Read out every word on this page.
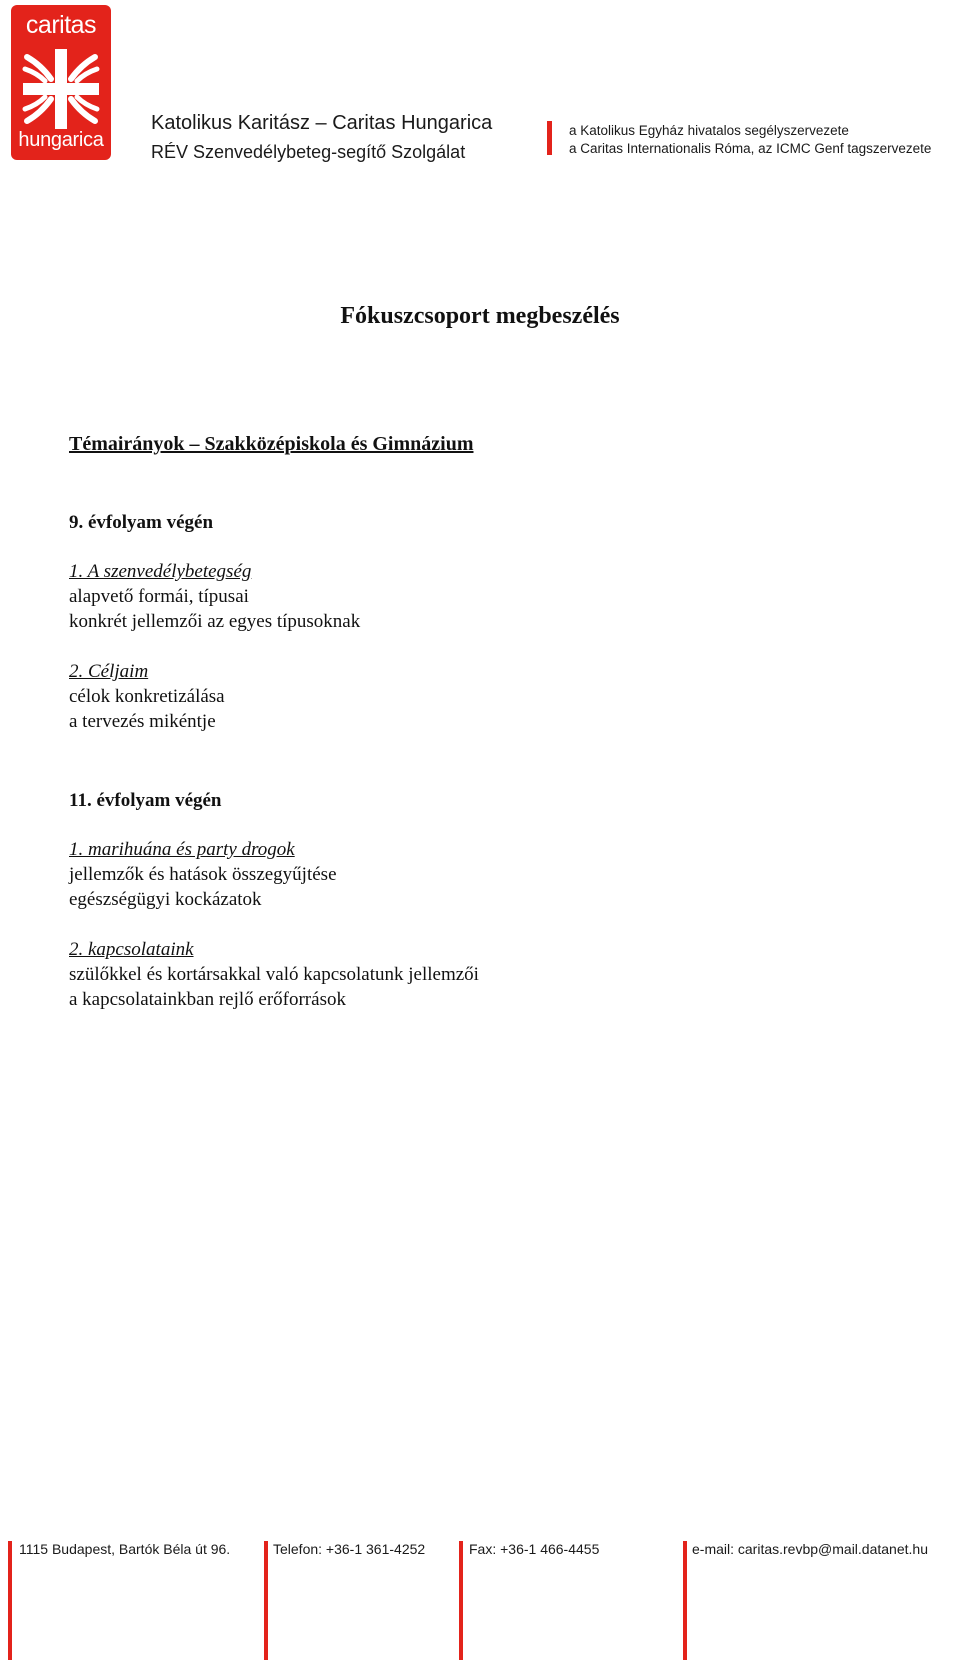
caritas
hungarica
Katolikus Karitász – Caritas Hungarica
RÉV Szenvedélybeteg-segítő Szolgálat
a Katolikus Egyház hivatalos segélyszervezete
a Caritas Internationalis Róma, az ICMC Genf tagszervezete
Fókuszcsoport megbeszélés
Témairányok – Szakközépiskola és Gimnázium
9. évfolyam végén
1. A szenvedélybetegség
alapvető formái, típusai
konkrét jellemzői az egyes típusoknak
2. Céljaim
célok konkretizálása
a tervezés mikéntje
11. évfolyam végén
1. marihuána és party drogok
jellemzők és hatások összegyűjtése
egészségügyi kockázatok
2. kapcsolataink
szülőkkel és kortársakkal való kapcsolatunk jellemzői
a kapcsolatainkban rejlő erőforrások
1115 Budapest, Bartók Béla út 96.	Telefon: +36-1 361-4252	Fax: +36-1 466-4455	e-mail: caritas.revbp@mail.datanet.hu
